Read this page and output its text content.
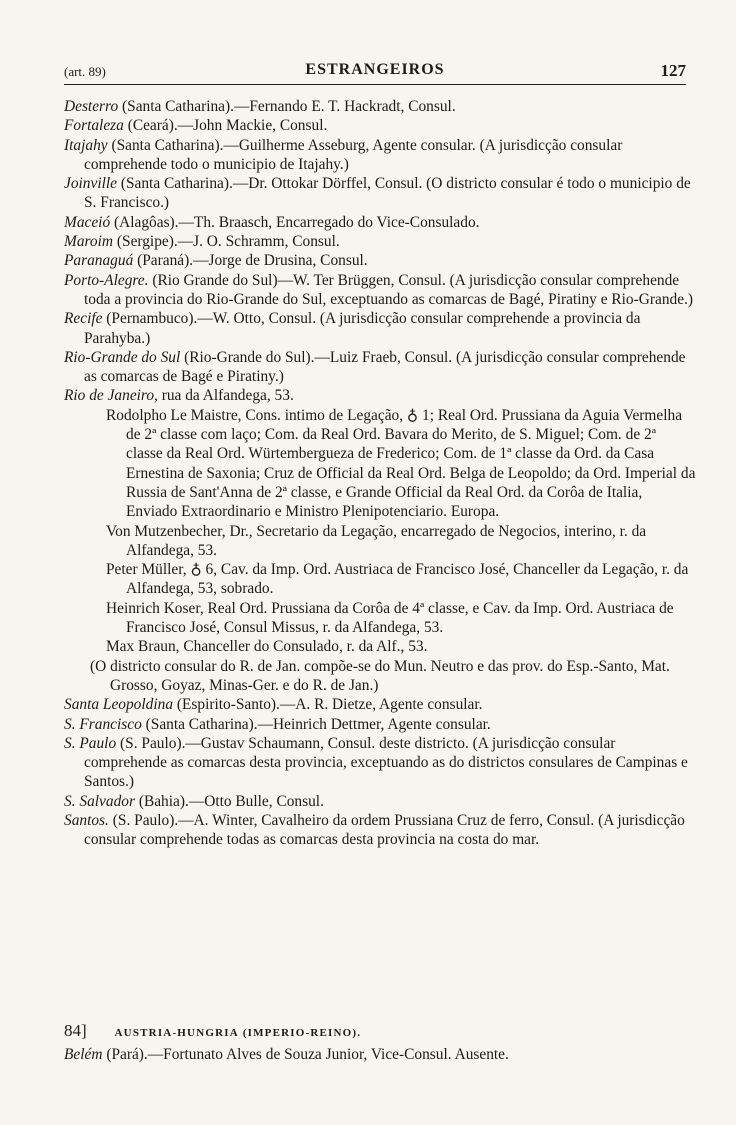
(art. 89)	ESTRANGEIROS	127

Desterro (Santa Catharina).—Fernando E. T. Hackradt, Consul.

Fortaleza (Ceará).—John Mackie, Consul.

Itajahy (Santa Catharina).—Guilherme Asseburg, Agente consular. (A jurisdicção consular comprehende todo o municipio de Itajahy.)

Joinville (Santa Catharina).—Dr. Ottokar Dörffel, Consul. (O districto consular é todo o municipio de S. Francisco.)

Maceió (Alagôas).—Th. Braasch, Encarregado do Vice-Consulado.

Maroim (Sergipe).—J. O. Schramm, Consul.

Paranaguá (Paraná).—Jorge de Drusina, Consul.

Porto-Alegre. (Rio Grande do Sul)—W. Ter Brüggen, Consul. (A jurisdicção consular comprehende toda a provincia do Rio-Grande do Sul, exceptuando as comarcas de Bagé, Piratiny e Rio-Grande.)

Recife (Pernambuco).—W. Otto, Consul. (A jurisdicção consular comprehende a provincia da Parahyba.)

Rio-Grande do Sul (Rio-Grande do Sul).—Luiz Fraeb, Consul. (A jurisdicção consular comprehende as comarcas de Bagé e Piratiny.)

Rio de Janeiro, rua da Alfandega, 53.

Rodolpho Le Maistre, Cons. intimo de Legação, ♁ 1; Real Ord. Prussiana da Aguia Vermelha de 2ª classe com laço; Com. da Real Ord. Bavara do Merito, de S. Miguel; Com. de 2ª classe da Real Ord. Würtembergueza de Frederico; Com. de 1ª classe da Ord. da Casa Ernestina de Saxonia; Cruz de Official da Real Ord. Belga de Leopoldo; da Ord. Imperial da Russia de Sant'Anna de 2ª classe, e Grande Official da Real Ord. da Corôa de Italia, Enviado Extraordinario e Ministro Plenipotenciario. Europa.

Von Mutzenbecher, Dr., Secretario da Legação, encarregado de Negocios, interino, r. da Alfandega, 53.

Peter Müller, ♁ 6, Cav. da Imp. Ord. Austriaca de Francisco José, Chanceller da Legação, r. da Alfandega, 53, sobrado.

Heinrich Koser, Real Ord. Prussiana da Corôa de 4ª classe, e Cav. da Imp. Ord. Austriaca de Francisco José, Consul Missus, r. da Alfandega, 53.

Max Braun, Chanceller do Consulado, r. da Alf., 53.

(O districto consular do R. de Jan. compõe-se do Mun. Neutro e das prov. do Esp.-Santo, Mat. Grosso, Goyaz, Minas-Ger. e do R. de Jan.)

Santa Leopoldina (Espirito-Santo).—A. R. Dietze, Agente consular.

S. Francisco (Santa Catharina).—Heinrich Dettmer, Agente consular.

S. Paulo (S. Paulo).—Gustav Schaumann, Consul. deste districto. (A jurisdicção consular comprehende as comarcas desta provincia, exceptuando as do districtos consulares de Campinas e Santos.)

S. Salvador (Bahia).—Otto Bulle, Consul.

Santos. (S. Paulo).—A. Winter, Cavalheiro da ordem Prussiana Cruz de ferro, Consul. (A jurisdicção consular comprehende todas as comarcas desta provincia na costa do mar.

84]	AUSTRIA-HUNGRIA (IMPERIO-REINO).

Belém (Pará).—Fortunato Alves de Souza Junior, Vice-Consul. Ausente.
